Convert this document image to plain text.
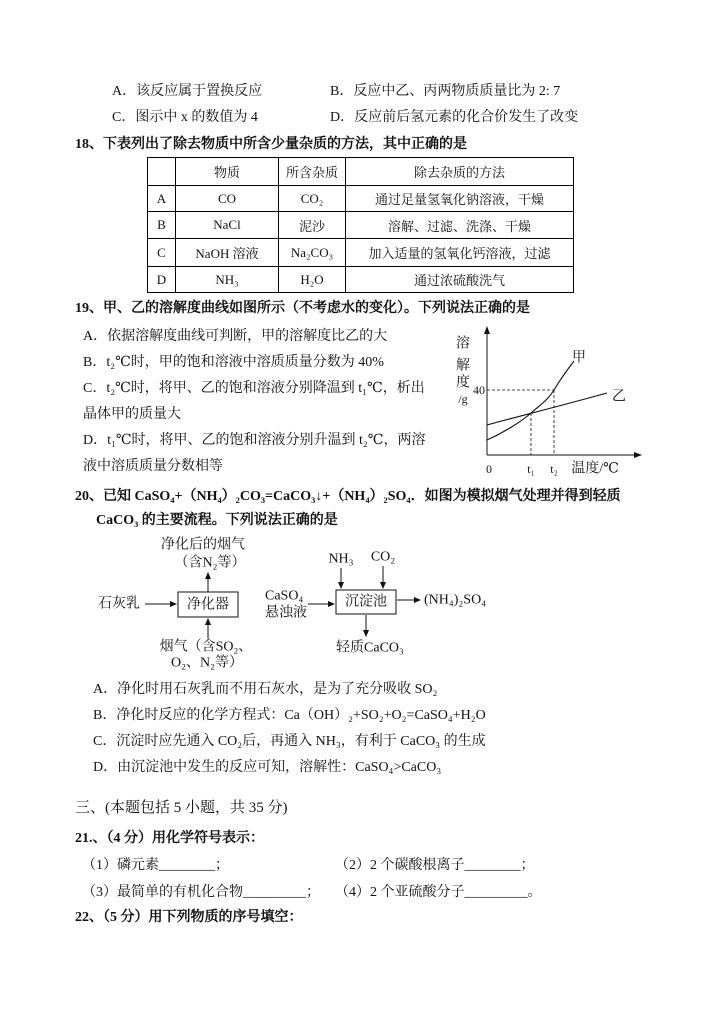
A．该反应属于置换反应	B．反应中乙、丙两物质质量比为 2: 7
C．图示中 x 的数值为 4	D．反应前后氢元素的化合价发生了改变
18、下表列出了除去物质中所含少量杂质的方法，其中正确的是
	物质	所含杂质	除去杂质的方法
A	CO	CO₂	通过足量氢氧化钠溶液，干燥
B	NaCl	泥沙	溶解、过滤、洗涤、干燥
C	NaOH 溶液	Na₂CO₃	加入适量的氢氧化钙溶液，过滤
D	NH₃	H₂O	通过浓硫酸洗气
19、甲、乙的溶解度曲线如图所示（不考虑水的变化）。下列说法正确的是
A．依据溶解度曲线可判断，甲的溶解度比乙的大
B．t₂℃时，甲的饱和溶液中溶质质量分数为 40%
C．t₂℃时，将甲、乙的饱和溶液分别降温到 t₁℃，析出
晶体甲的质量大
D．t₁℃时，将甲、乙的饱和溶液分别升温到 t₂℃，两溶
液中溶质质量分数相等
溶
解
度
/g
40
0	t₁ t₂ 温度/℃
甲
乙
20、已知 CaSO₄+（NH₄）₂CO₃=CaCO₃↓+（NH₄）₂SO₄．如图为模拟烟气处理并得到轻质
CaCO₃ 的主要流程。下列说法正确的是
净化后的烟气
（含N₂等）
石灰乳	净化器
烟气（含SO₂、
O₂、N₂等）
CaSO₄
悬浊液
沉淀池
NH₃ CO₂
(NH₄)₂SO₄
轻质CaCO₃
A．净化时用石灰乳而不用石灰水，是为了充分吸收 SO₂
B．净化时反应的化学方程式：Ca（OH）₂+SO₂+O₂=CaSO₄+H₂O
C．沉淀时应先通入 CO₂后，再通入 NH₃，有利于 CaCO₃ 的生成
D．由沉淀池中发生的反应可知，溶解性：CaSO₄>CaCO₃
三、(本题包括 5 小题，共 35 分)
21.、（4 分）用化学符号表示：
（1）磷元素________；	（2）2 个碳酸根离子________；
（3）最简单的有机化合物_________； （4）2 个亚硫酸分子_________。
22、（5 分）用下列物质的序号填空：
